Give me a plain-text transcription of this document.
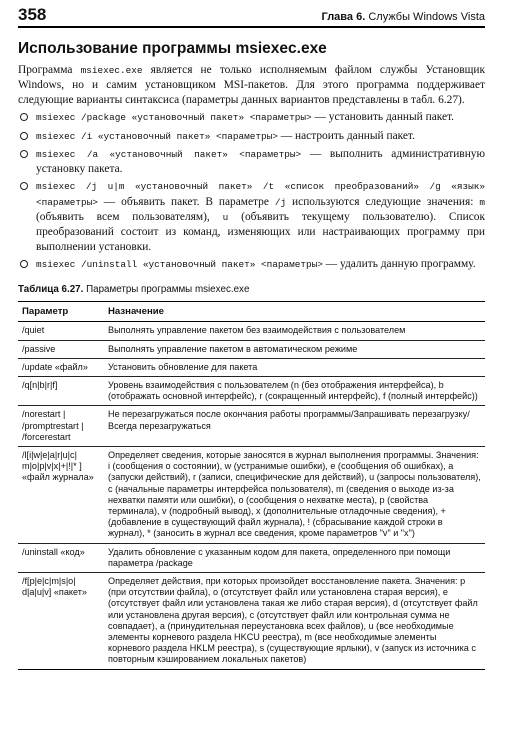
358	Глава 6. Службы Windows Vista
Использование программы msiexec.exe

Программа msiexec.exe является не только исполняемым файлом службы Установщик Windows, но и самим установщиком MSI-пакетов. Для этого программа поддерживает следующие варианты синтаксиса (параметры данных вариантов представлены в табл. 6.27).

msiexec /package «установочный пакет» <параметры> — установить данный пакет.
msiexec /i «установочный пакет» <параметры> — настроить данный пакет.
msiexec /a «установочный пакет» <параметры> — выполнить административную установку пакета.
msiexec /j u|m «установочный пакет» /t «список преобразований» /g «язык» <параметры> — объявить пакет. В параметре /j используются следующие значения: m (объявить всем пользователям), u (объявить текущему пользователю). Список преобразований состоит из команд, изменяющих или настраивающих программу при выполнении установки.
msiexec /uninstall «установочный пакет» <параметры> — удалить данную программу.
Таблица 6.27. Параметры программы msiexec.exe
Параметр	Назначение
/quiet	Выполнять управление пакетом без взаимодействия с пользователем
/passive	Выполнять управление пакетом в автоматическом режиме
/update «файл»	Установить обновление для пакета
/q[n|b|r|f]	Уровень взаимодействия с пользователем (n (без отображения интерфейса), b (отображать основной интерфейс), r (сокращенный интерфейс), f (полный интерфейс))
/norestart | /promptrestart | /forcerestart	Не перезагружаться после окончания работы программы/Запрашивать перезагрузку/Всегда перезагружаться
/l[i|w|e|a|r|u|c| m|o|p|v|x|+|!|* ] «файл журнала»	Определяет сведения, которые заносятся в журнал выполнения программы. Значения: i (сообщения о состоянии), w (устранимые ошибки), e (сообщения об ошибках), a (запуски действий), r (записи, специфические для действий), u (запросы пользователя), c (начальные параметры интерфейса пользователя), m (сведения о выходе из-за нехватки памяти или ошибки), o (сообщения о нехватке места), p (свойства терминала), v (подробный вывод), x (дополнительные отладочные сведения), + (добавление в существующий файл журнала), ! (сбрасывание каждой строки в журнал), * (заносить в журнал все сведения, кроме параметров "v" и "x")
/uninstall «код»	Удалить обновление с указанным кодом для пакета, определенного при помощи параметра /package
/f[p|e|c|m|s|o| d|a|u|v] «пакет»	Определяет действия, при которых произойдет восстановление пакета. Значения: p (при отсутствии файла), o (отсутствует файл или установлена старая версия), e (отсутствует файл или установлена такая же либо старая версия), d (отсутствует файл или установлена другая версия), c (отсутствует файл или контрольная сумма не совпадает), a (принудительная переустановка всех файлов), u (все необходимые элементы корневого раздела HKCU реестра), m (все необходимые элементы корневого раздела HKLM реестра), s (существующие ярлыки), v (запуск из источника с повторным кэшированием локальных пакетов)
